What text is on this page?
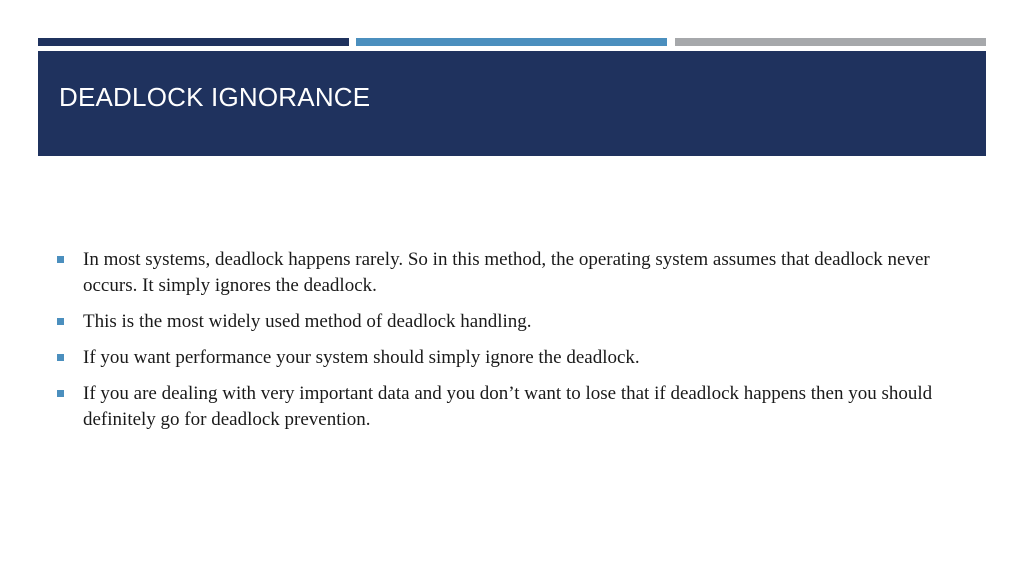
DEADLOCK IGNORANCE
In most systems, deadlock happens rarely. So in this method, the operating system assumes that deadlock never occurs. It simply ignores the deadlock.
This is the most widely used method of deadlock handling.
If you want performance your system should simply ignore the deadlock.
If you are dealing with very important data and you don’t want to lose that if deadlock happens then you should definitely go for deadlock prevention.
